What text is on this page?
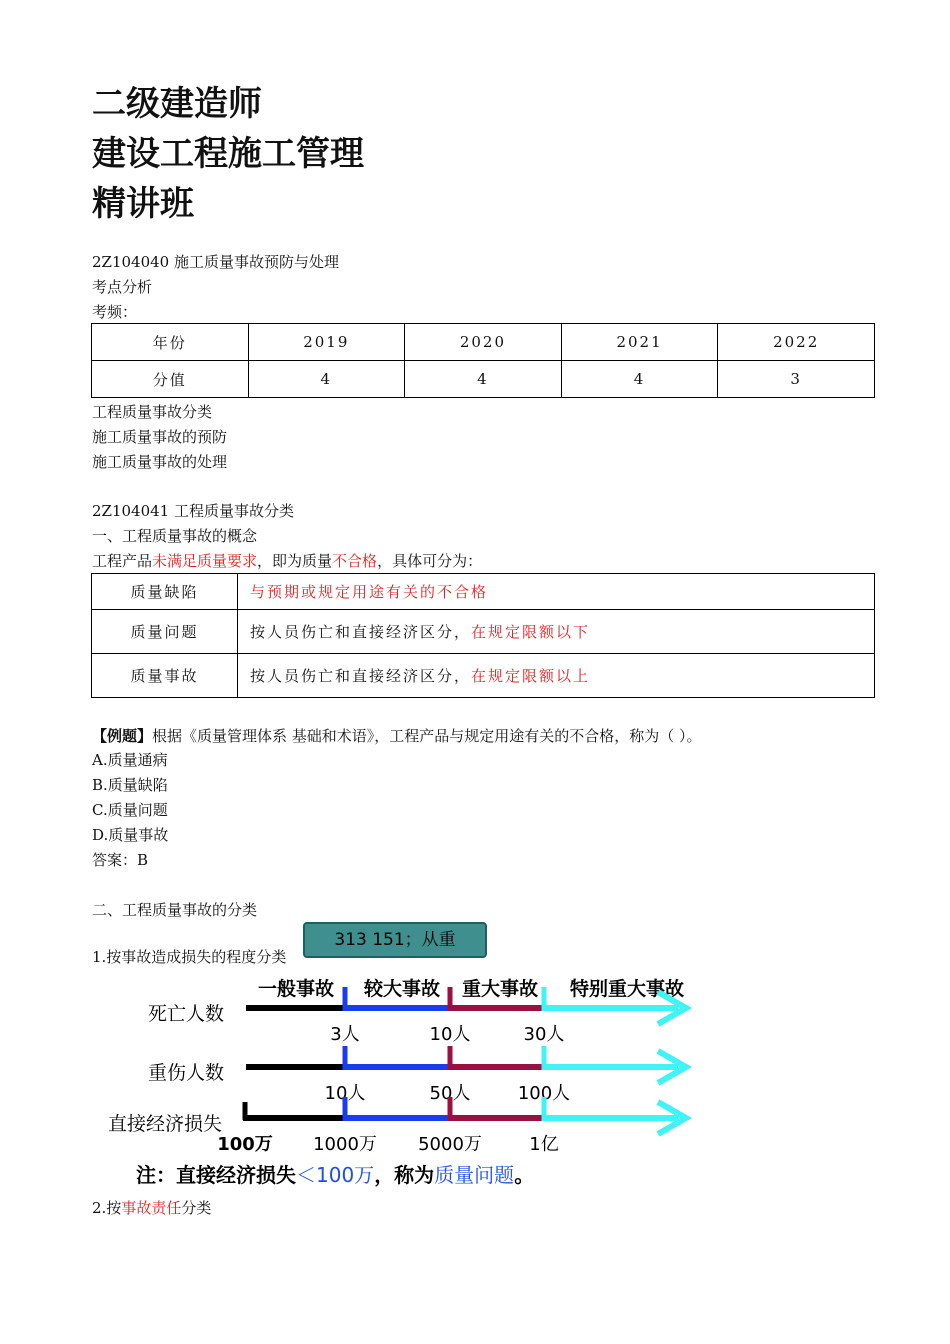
二级建造师
建设工程施工管理
精讲班
2Z104040 施工质量事故预防与处理
考点分析
考频：
年份	2019	2020	2021	2022
分值	4	4	4	3
工程质量事故分类
施工质量事故的预防
施工质量事故的处理
2Z104041 工程质量事故分类
一、工程质量事故的概念
工程产品未满足质量要求，即为质量不合格，具体可分为：
质量缺陷	与预期或规定用途有关的不合格
质量问题	按人员伤亡和直接经济区分，在规定限额以下
质量事故	按人员伤亡和直接经济区分，在规定限额以上
【例题】根据《质量管理体系 基础和术语》，工程产品与规定用途有关的不合格，称为（ ）。
A.质量通病
B.质量缺陷
C.质量问题
D.质量事故
答案：B
二、工程质量事故的分类
1.按事故造成损失的程度分类
313 151；从重
一般事故 较大事故 重大事故 特别重大事故
死亡人数
3人	10人	30人
重伤人数
10人	50人	100人
直接经济损失
100万 1000万 5000万	1亿
注：直接经济损失＜100万，称为质量问题。
2.按事故责任分类
